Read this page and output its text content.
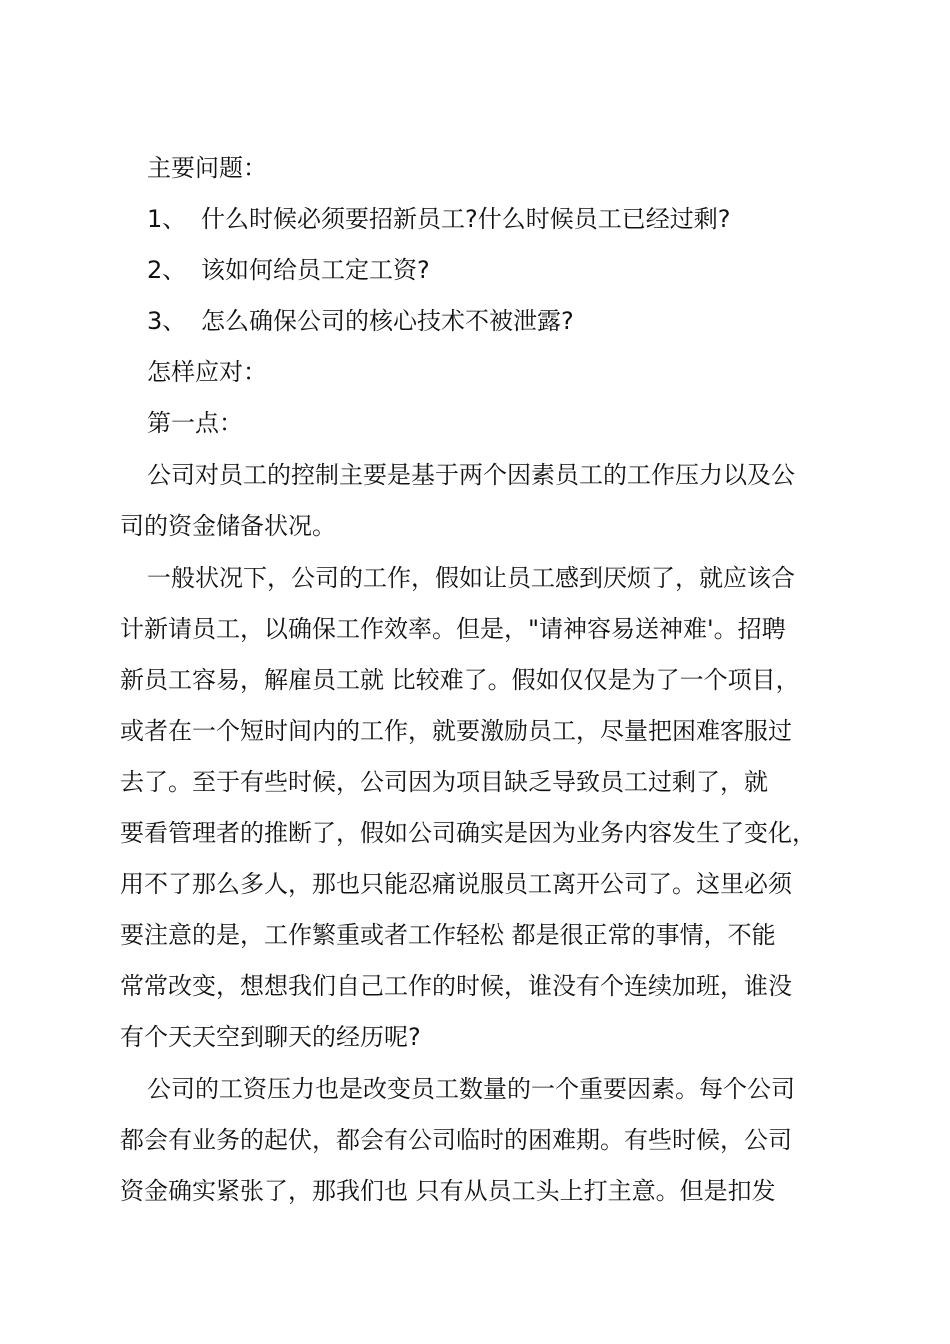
主要问题：
1、 什么时候必须要招新员工?什么时候员工已经过剩?
2、 该如何给员工定工资?
3、 怎么确保公司的核心技术不被泄露?
怎样应对：
第一点：
公司对员工的控制主要是基于两个因素员工的工作压力以及公
司的资金储备状况。
一般状况下，公司的工作，假如让员工感到厌烦了，就应该合
计新请员工，以确保工作效率。但是，"请神容易送神难'。招聘
新员工容易，解雇员工就 比较难了。假如仅仅是为了一个项目，
或者在一个短时间内的工作，就要激励员工，尽量把困难客服过
去了。至于有些时候，公司因为项目缺乏导致员工过剩了，就
要看管理者的推断了，假如公司确实是因为业务内容发生了变化，
用不了那么多人，那也只能忍痛说服员工离开公司了。这里必须
要注意的是，工作繁重或者工作轻松 都是很正常的事情，不能
常常改变，想想我们自己工作的时候，谁没有个连续加班，谁没
有个天天空到聊天的经历呢?
公司的工资压力也是改变员工数量的一个重要因素。每个公司
都会有业务的起伏，都会有公司临时的困难期。有些时候，公司
资金确实紧张了，那我们也 只有从员工头上打主意。但是扣发
